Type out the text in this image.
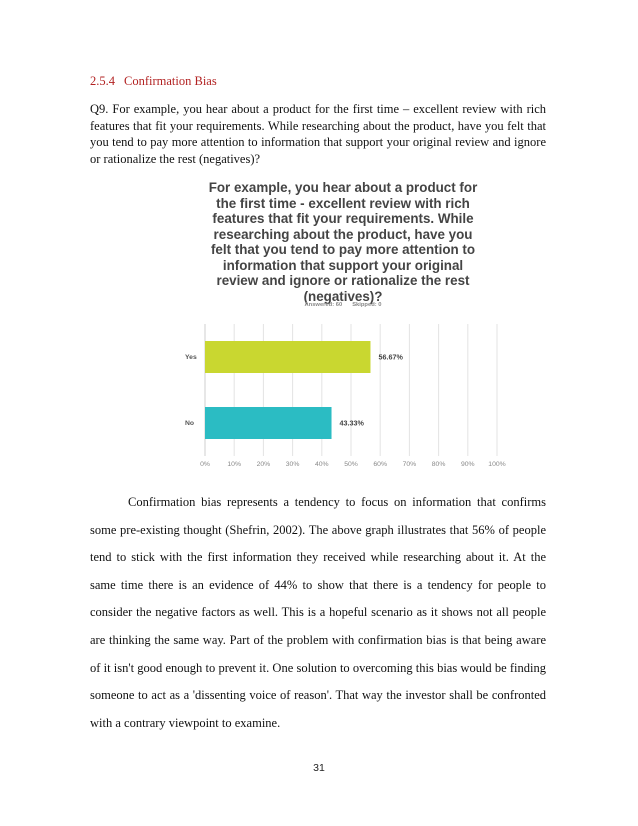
2.5.4 Confirmation Bias
Q9. For example, you hear about a product for the first time – excellent review with rich features that fit your requirements. While researching about the product, have you felt that you tend to pay more attention to information that support your original review and ignore or rationalize the rest (negatives)?
For example, you hear about a product for
the first time - excellent review with rich
features that fit your requirements. While
researching about the product, have you
felt that you tend to pay more attention to
information that support your original
review and ignore or rationalize the rest
(negatives)?
Answered: 60 Skipped: 0
0%	10% 20% 30% 40% 50% 60% 70% 80% 90% 100%
Yes	56.67%
No	43.33%

Confirmation bias represents a tendency to focus on information that confirms some pre-existing thought (Shefrin, 2002). The above graph illustrates that 56% of people tend to stick with the first information they received while researching about it. At the same time there is an evidence of 44% to show that there is a tendency for people to consider the negative factors as well. This is a hopeful scenario as it shows not all people are thinking the same way. Part of the problem with confirmation bias is that being aware of it isn't good enough to prevent it. One solution to overcoming this bias would be finding someone to act as a 'dissenting voice of reason'. That way the investor shall be confronted with a contrary viewpoint to examine.

31
